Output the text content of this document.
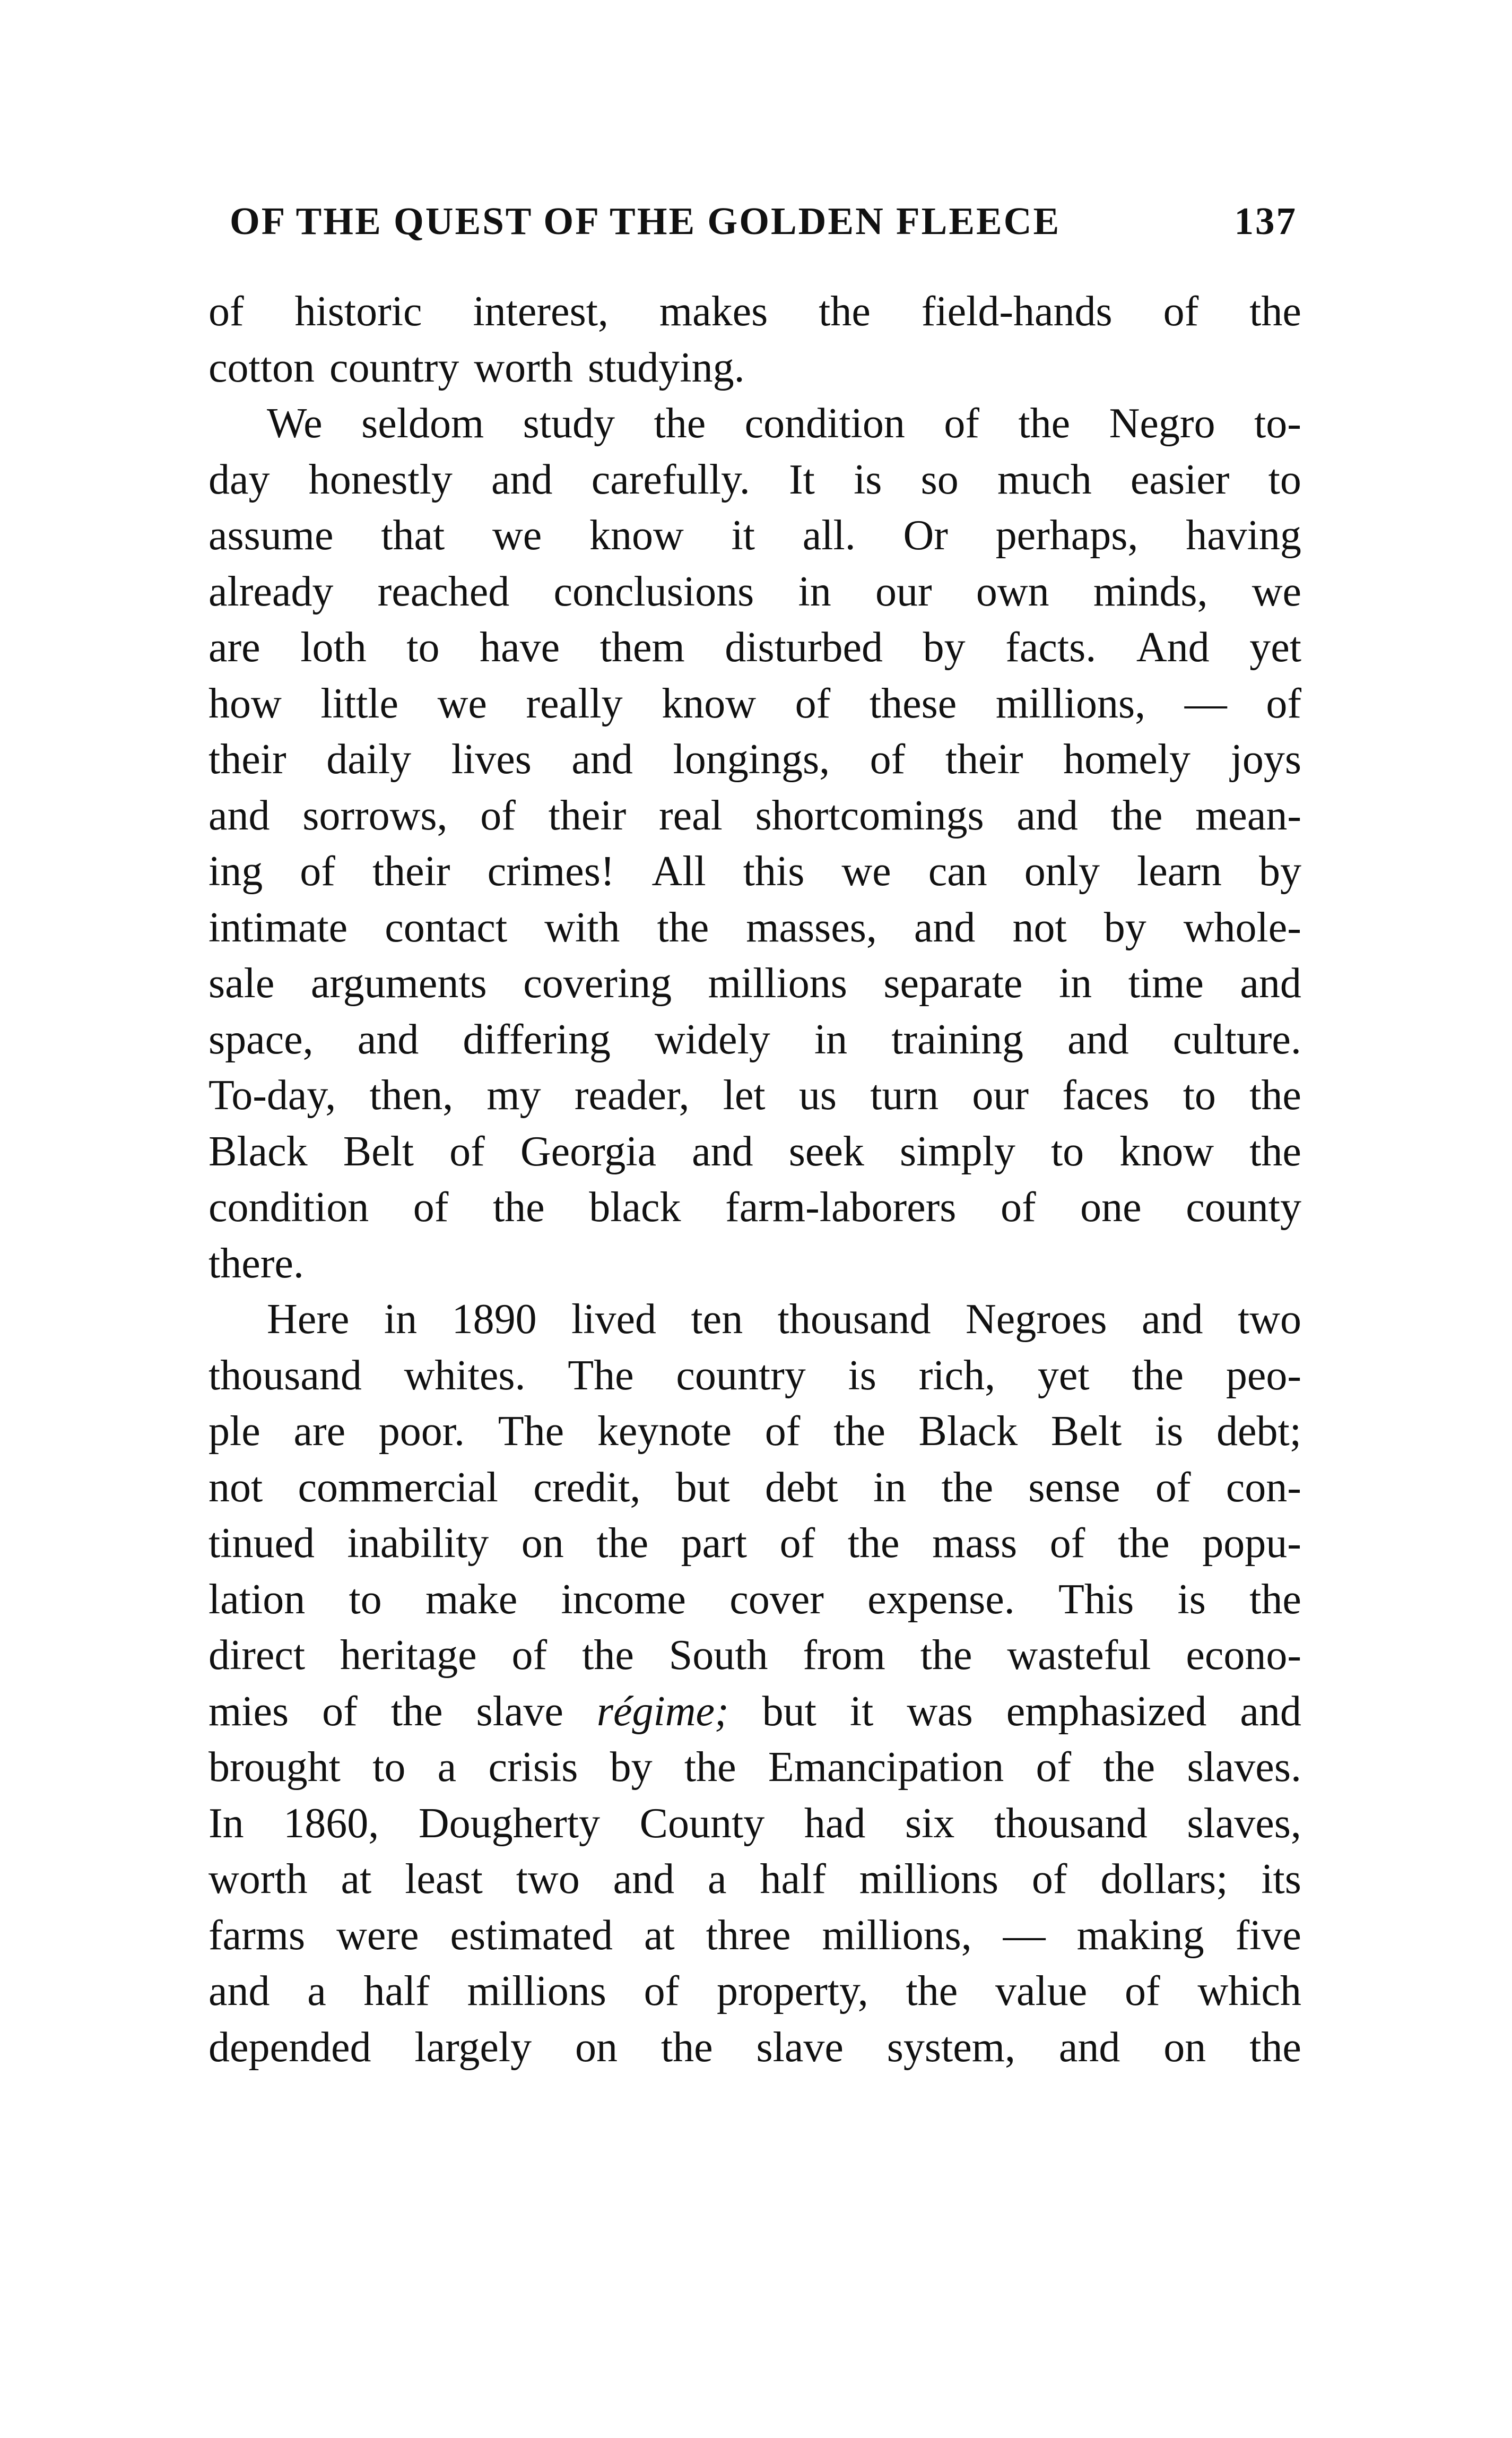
OF THE QUEST OF THE GOLDEN FLEECE	137
of historic interest, makes the field-hands of the
cotton country worth studying.
We seldom study the condition of the Negro to-
day honestly and carefully. It is so much easier to
assume that we know it all. Or perhaps, having
already reached conclusions in our own minds, we
are loth to have them disturbed by facts. And yet
how little we really know of these millions, — of
their daily lives and longings, of their homely joys
and sorrows, of their real shortcomings and the mean-
ing of their crimes! All this we can only learn by
intimate contact with the masses, and not by whole-
sale arguments covering millions separate in time and
space, and differing widely in training and culture.
To-day, then, my reader, let us turn our faces to the
Black Belt of Georgia and seek simply to know the
condition of the black farm-laborers of one county
there.
Here in 1890 lived ten thousand Negroes and two
thousand whites. The country is rich, yet the peo-
ple are poor. The keynote of the Black Belt is debt;
not commercial credit, but debt in the sense of con-
tinued inability on the part of the mass of the popu-
lation to make income cover expense. This is the
direct heritage of the South from the wasteful econo-
mies of the slave régime; but it was emphasized and
brought to a crisis by the Emancipation of the slaves.
In 1860, Dougherty County had six thousand slaves,
worth at least two and a half millions of dollars; its
farms were estimated at three millions, — making five
and a half millions of property, the value of which
depended largely on the slave system, and on the
